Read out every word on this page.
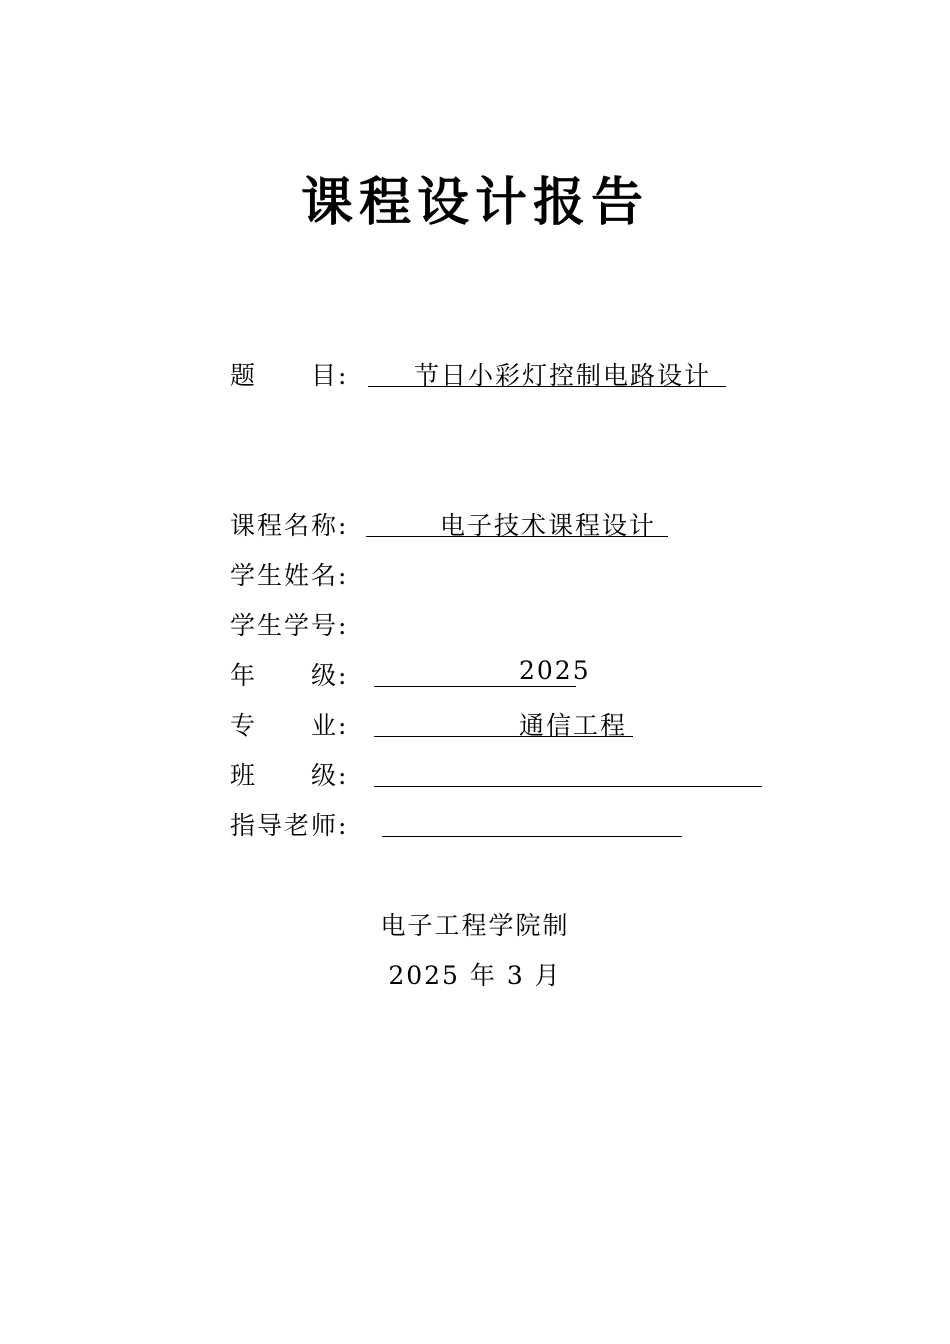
课程设计报告
题　　目:	节日小彩灯控制电路设计
课程名称:	电子技术课程设计
学生姓名:
学生学号:
年　　级:	2025
专　　业:	通信工程
班　　级:
指导老师:
电子工程学院制
2025 年 3 月
